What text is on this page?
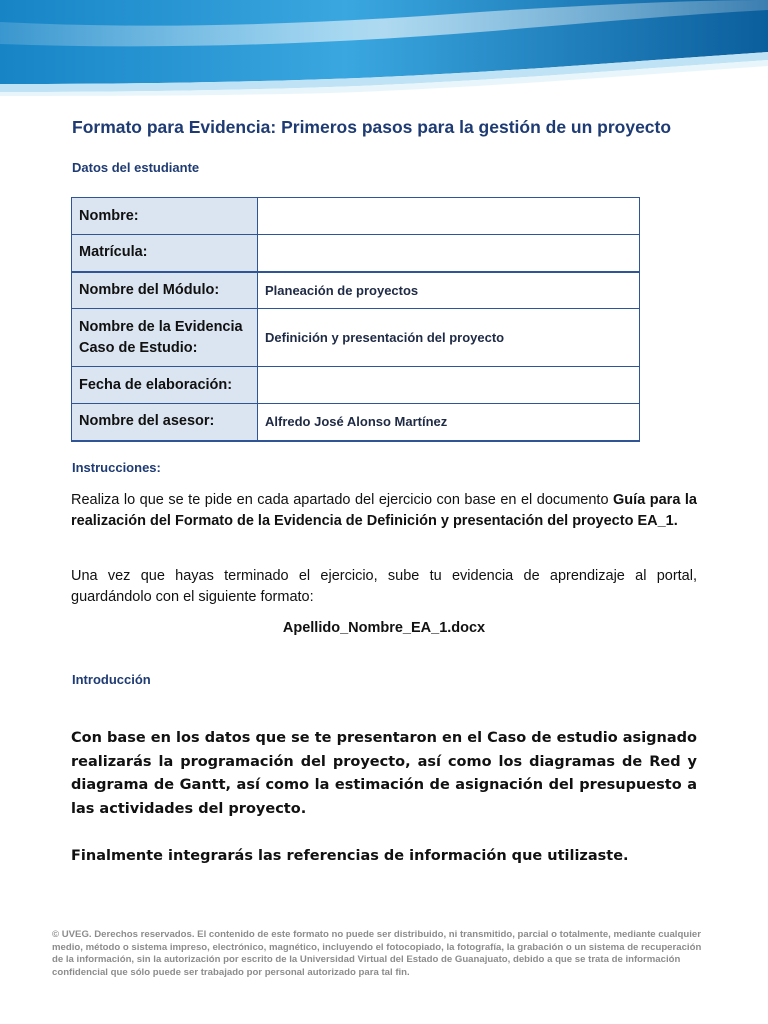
Formato para Evidencia: Primeros pasos para la gestión de un proyecto
Datos del estudiante
Nombre:	
Matrícula:	
Nombre del Módulo:	Planeación de proyectos
Nombre de la Evidencia
Caso de Estudio:	Definición y presentación del proyecto
Fecha de elaboración:	
Nombre del asesor:	Alfredo José Alonso Martínez
Instrucciones:

Realiza lo que se te pide en cada apartado del ejercicio con base en el documento Guía para la realización del Formato de la Evidencia de Definición y presentación del proyecto EA_1.

Una vez que hayas terminado el ejercicio, sube tu evidencia de aprendizaje al portal, guardándolo con el siguiente formato:

Apellido_Nombre_EA_1.docx

Introducción

Con base en los datos que se te presentaron en el Caso de estudio asignado realizarás la programación del proyecto, así como los diagramas de Red y diagrama de Gantt, así como la estimación de asignación del presupuesto a las actividades del proyecto.

Finalmente integrarás las referencias de información que utilizaste.

© UVEG. Derechos reservados. El contenido de este formato no puede ser distribuido, ni transmitido, parcial o totalmente, mediante cualquier medio, método o sistema impreso, electrónico, magnético, incluyendo el fotocopiado, la fotografía, la grabación o un sistema de recuperación de la información, sin la autorización por escrito de la Universidad Virtual del Estado de Guanajuato, debido a que se trata de información confidencial que sólo puede ser trabajado por personal autorizado para tal fin.
